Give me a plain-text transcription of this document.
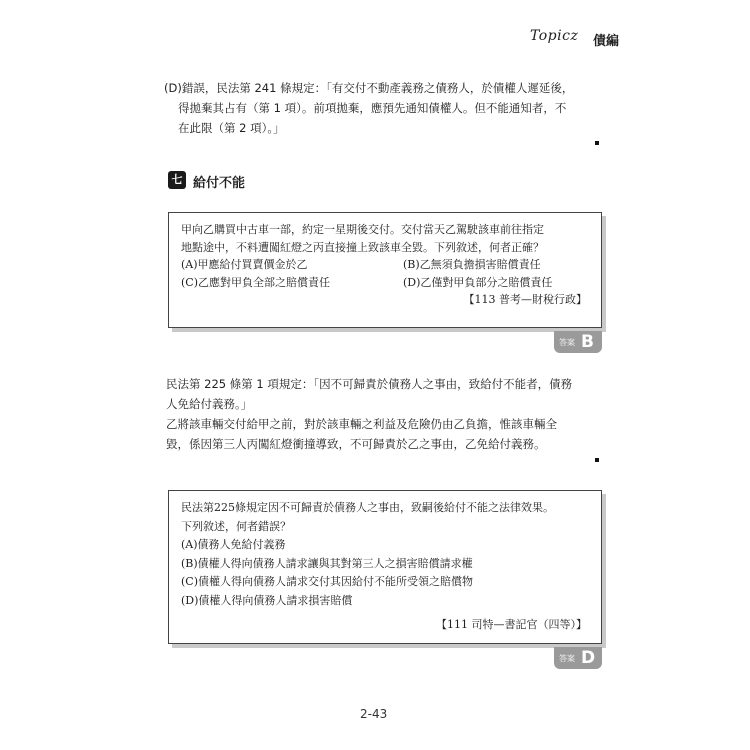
Topicz 債編
(D)錯誤，民法第 241 條規定：「有交付不動產義務之債務人，於債權人遲延後，

得拋棄其占有（第 1 項）。前項拋棄，應預先通知債權人。但不能通知者，不
在此限（第 2 項）。」
七 給付不能
甲向乙購買中古車一部，約定一星期後交付。交付當天乙駕駛該車前往指定
地點途中，不料遭闖紅燈之丙直接撞上致該車全毀。下列敘述，何者正確？
(A)甲應給付買賣價金於乙	(B)乙無須負擔損害賠償責任
(C)乙應對甲負全部之賠償責任	(D)乙僅對甲負部分之賠償責任
【113 普考—財稅行政】
答案 B
民法第 225 條第 1 項規定：「因不可歸責於債務人之事由，致給付不能者，債務
人免給付義務。」
乙將該車輛交付給甲之前，對於該車輛之利益及危險仍由乙負擔，惟該車輛全
毀，係因第三人丙闖紅燈衝撞導致，不可歸責於乙之事由，乙免給付義務。
民法第225條規定因不可歸責於債務人之事由，致嗣後給付不能之法律效果。
下列敘述，何者錯誤？
(A)債務人免給付義務
(B)債權人得向債務人請求讓與其對第三人之損害賠償請求權
(C)債權人得向債務人請求交付其因給付不能所受領之賠償物
(D)債權人得向債務人請求損害賠償
【111 司特—書記官（四等）】
答案 D
2-43
